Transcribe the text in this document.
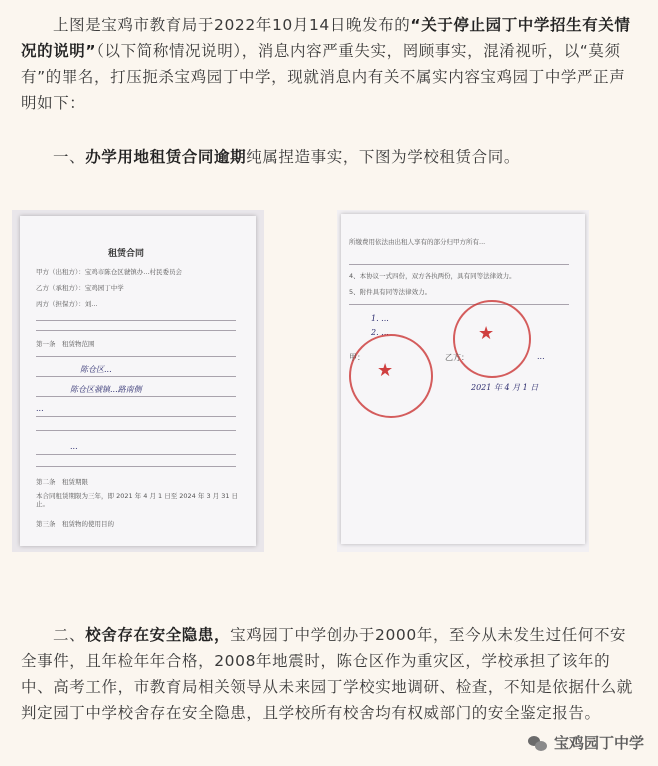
上图是宝鸡市教育局于2022年10月14日晚发布的“关于停止园丁中学招生有关情况的说明”（以下简称情况说明），消息内容严重失实，罔顾事实，混淆视听，以“莫须有”的罪名，打压扼杀宝鸡园丁中学，现就消息内有关不属实内容宝鸡园丁中学严正声明如下：

一、办学用地租赁合同逾期纯属捏造事实，下图为学校租赁合同。

租赁合同
甲方（出租方）：宝鸡市陈仓区虢镇办...村民委员会
乙方（承租方）：宝鸡园丁中学
丙方（担保方）：刘...
第一条　租赁物范围
陈仓区...
陈仓区虢镇...路南侧
...
...
第二条　租赁期限
本合同租赁期限为三年，即 2021 年 4 月 1 日至 2024 年 3 月 31 日止。
第三条　租赁物的使用目的
所缴费用依法由出租人享有的部分归甲方所有...
4、本协议一式四份，双方各执两份，具有同等法律效力。
5、附件具有同等法律效力。
1. ...
2. ...
★
★
甲：	乙方：	...
2021 年 4 月 1 日

二、校舍存在安全隐患，宝鸡园丁中学创办于2000年，至今从未发生过任何不安全事件，且年检年年合格，2008年地震时，陈仓区作为重灾区，学校承担了该年的中、高考工作，市教育局相关领导从未来园丁学校实地调研、检查，不知是依据什么就判定园丁中学校舍存在安全隐患，且学校所有校舍均有权威部门的安全鉴定报告。

宝鸡园丁中学
